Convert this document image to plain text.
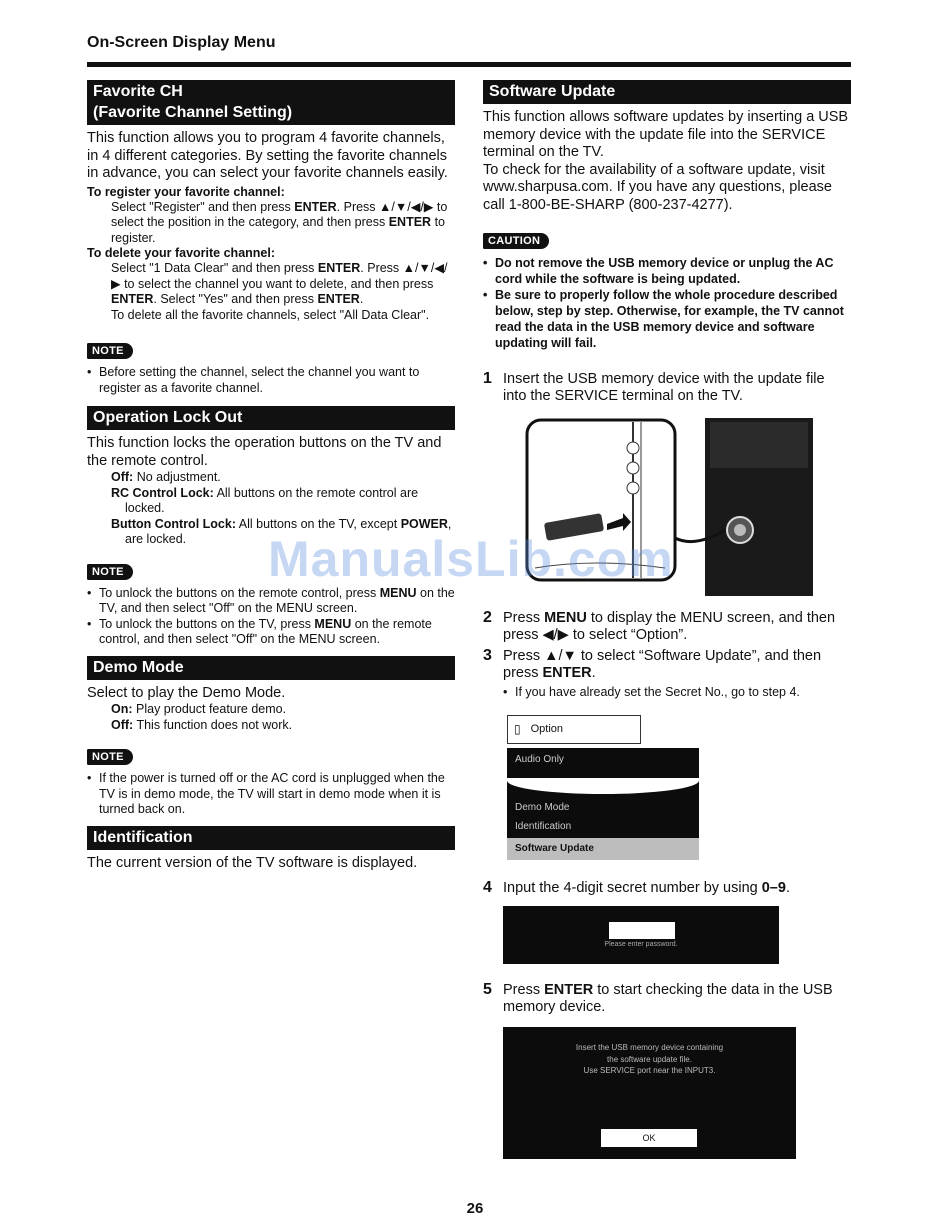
On-Screen Display Menu
Favorite CH
(Favorite Channel Setting)

This function allows you to program 4 favorite channels, in 4 different categories. By setting the favorite channels in advance, you can select your favorite channels easily.

To register your favorite channel:
Select "Register" and then press ENTER. Press ▲/▼/◀/▶ to select the position in the category, and then press ENTER to register.
To delete your favorite channel:
Select "1 Data Clear" and then press ENTER. Press ▲/▼/◀/▶ to select the channel you want to delete, and then press ENTER. Select "Yes" and then press ENTER.
To delete all the favorite channels, select "All Data Clear".
NOTE
• Before setting the channel, select the channel you want to register as a favorite channel.
Operation Lock Out

This function locks the operation buttons on the TV and the remote control.

Off: No adjustment.
RC Control Lock: All buttons on the remote control are locked.
Button Control Lock: All buttons on the TV, except POWER, are locked.
NOTE
• To unlock the buttons on the remote control, press MENU on the TV, and then select "Off" on the MENU screen.
• To unlock the buttons on the TV, press MENU on the remote control, and then select "Off" on the MENU screen.
Demo Mode

Select to play the Demo Mode.

On: Play product feature demo.
Off: This function does not work.
NOTE
• If the power is turned off or the AC cord is unplugged when the TV is in demo mode, the TV will start in demo mode when it is turned back on.
Identification

The current version of the TV software is displayed.

Software Update

This function allows software updates by inserting a USB memory device with the update file into the SERVICE terminal on the TV.

To check for the availability of a software update, visit www.sharpusa.com. If you have any questions, please call 1-800-BE-SHARP (800-237-4277).

CAUTION
• Do not remove the USB memory device or unplug the AC cord while the software is being updated.
• Be sure to properly follow the whole procedure described below, step by step. Otherwise, for example, the TV cannot read the data in the USB memory device and software updating will fail.
1 Insert the USB memory device with the update file into the SERVICE terminal on the TV.
2 Press MENU to display the MENU screen, and then press ◀/▶ to select “Option”.
3 Press ▲/▼ to select “Software Update”, and then press ENTER.
• If you have already set the Secret No., go to step 4.
▯ Option
Audio Only
Demo Mode
Identification
Software Update
4 Input the 4-digit secret number by using 0–9.
Please enter password.
5 Press ENTER to start checking the data in the USB memory device.
Insert the USB memory device containing
the software update file.
Use SERVICE port near the INPUT3.
OK
ManualsLib.com
26
